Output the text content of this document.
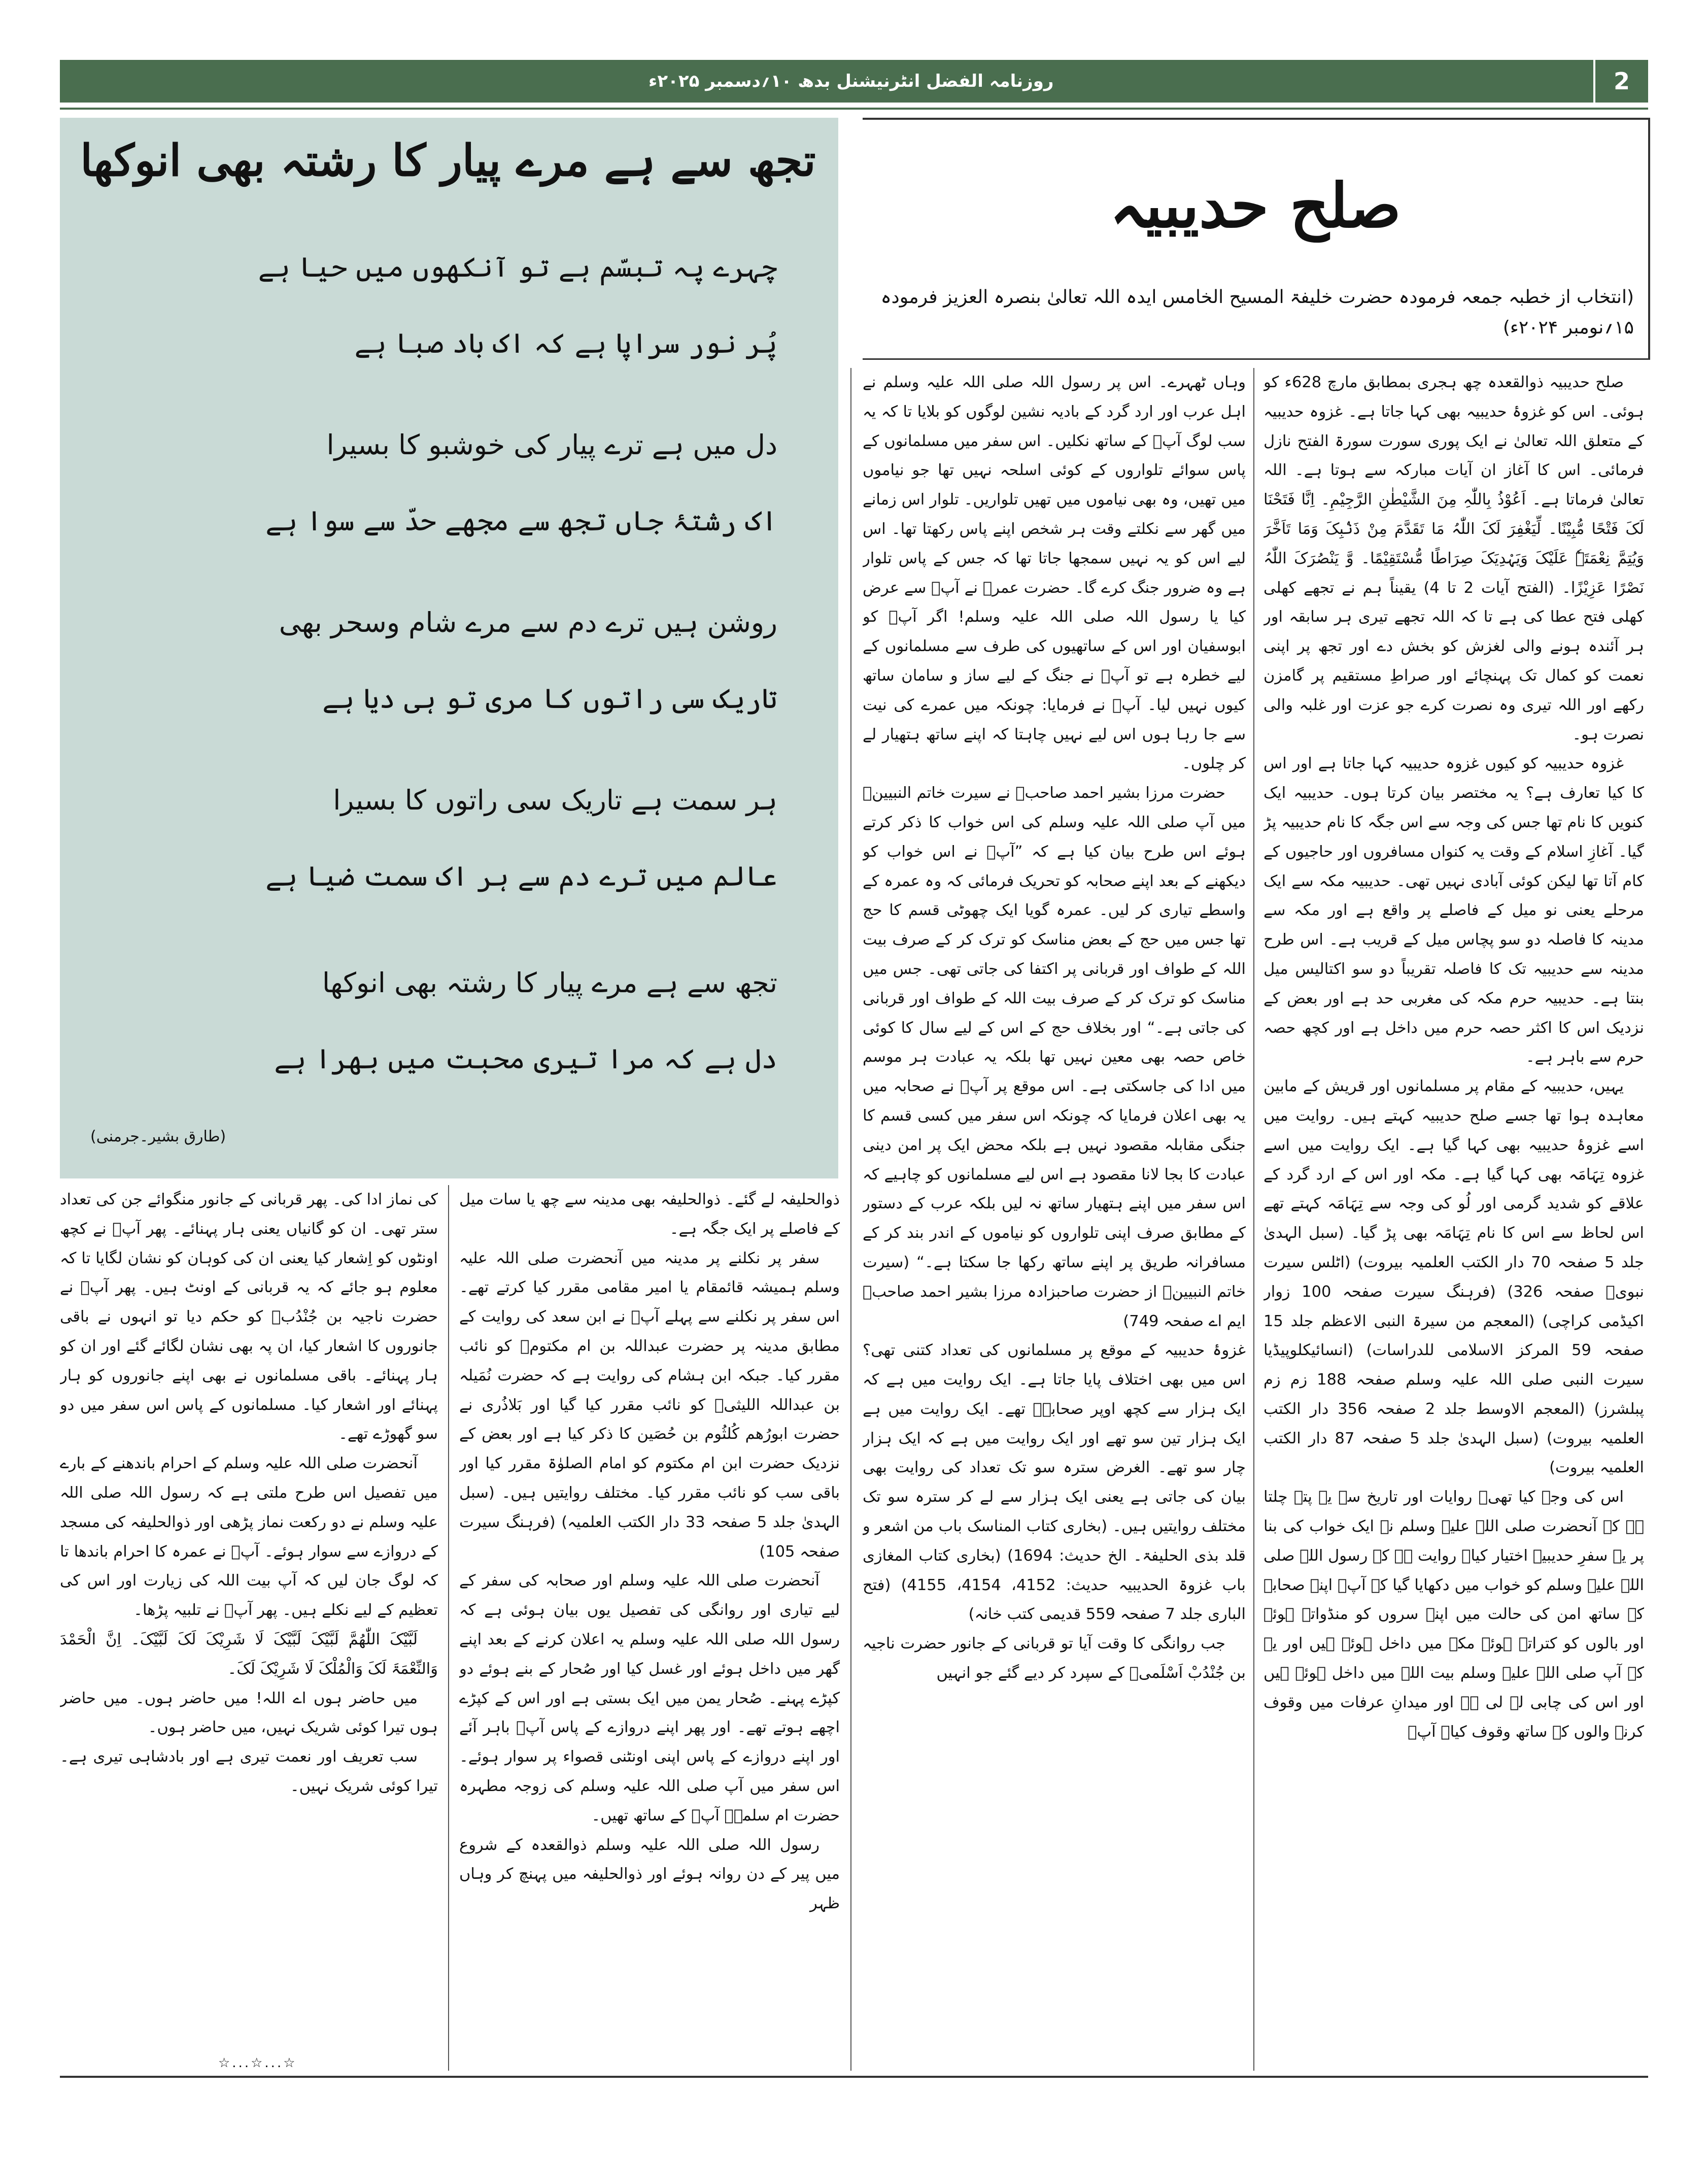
روزنامہ الفضل انٹرنیشنل بدھ ۱۰؍دسمبر ۲۰۲۵ء	2
تجھ سے ہے مرے پیار کا رشتہ بھی انوکھا
چہرے پہ تبسّم ہے تو آنکھوں میں حیا ہے
پُر نور سراپا ہے کہ اک باد صبا ہے
دل میں ہے ترے پیار کی خوشبو کا بسیرا
اک رشتۂ جاں تجھ سے مجھے حدّ سے سوا ہے
روشن ہیں ترے دم سے مرے شام وسحر بھی
تاریک سی راتوں کا مری تو ہی دیا ہے
ہر سمت ہے تاریک سی راتوں کا بسیرا
عالم میں ترے دم سے ہر اک سمت ضیا ہے
تجھ سے ہے مرے پیار کا رشتہ بھی انوکھا
دل ہے کہ مرا تیری محبت میں بھرا ہے
(طارق بشیر۔جرمنی)
صلح حدیبیہ
(انتخاب از خطبہ جمعہ فرمودہ حضرت خلیفۃ المسیح الخامس ایدہ اللہ تعالیٰ بنصرہ العزیز فرمودہ ۱۵؍نومبر ۲۰۲۴ء)

صلح حدیبیہ ذوالقعدہ چھ ہجری بمطابق مارچ 628ء کو ہوئی۔ اس کو غزوۂ حدیبیہ بھی کہا جاتا ہے۔ غزوہ حدیبیہ کے متعلق اللہ تعالیٰ نے ایک پوری سورت سورۃ الفتح نازل فرمائی۔ اس کا آغاز ان آیات مبارکہ سے ہوتا ہے۔ اللہ تعالیٰ فرماتا ہے۔ اَعُوْذُ بِاللّٰہِ مِنَ الشَّیْطٰنِ الرَّجِیْمِ۔ اِنَّا فَتَحْنَا لَکَ فَتْحًا مُّبِیْنًا۔ لِّیَغْفِرَ لَکَ اللّٰہُ مَا تَقَدَّمَ مِنْ ذَنْۢبِکَ وَمَا تَاَخَّرَ وَیُتِمَّ نِعْمَتَہٗ عَلَیْکَ وَیَہْدِیَکَ صِرَاطًا مُّسْتَقِیْمًا۔ وَّ یَنْصُرَکَ اللّٰہُ نَصْرًا عَزِیْزًا۔ (الفتح آیات 2 تا 4) یقیناً ہم نے تجھے کھلی کھلی فتح عطا کی ہے تا کہ اللہ تجھے تیری ہر سابقہ اور ہر آئندہ ہونے والی لغزش کو بخش دے اور تجھ پر اپنی نعمت کو کمال تک پہنچائے اور صراطِ مستقیم پر گامزن رکھے اور اللہ تیری وہ نصرت کرے جو عزت اور غلبہ والی نصرت ہو۔

غزوہ حدیبیہ کو کیوں غزوہ حدیبیہ کہا جاتا ہے اور اس کا کیا تعارف ہے؟ یہ مختصر بیان کرتا ہوں۔ حدیبیہ ایک کنویں کا نام تھا جس کی وجہ سے اس جگہ کا نام حدیبیہ پڑ گیا۔ آغازِ اسلام کے وقت یہ کنواں مسافروں اور حاجیوں کے کام آتا تھا لیکن کوئی آبادی نہیں تھی۔ حدیبیہ مکہ سے ایک مرحلے یعنی نو میل کے فاصلے پر واقع ہے اور مکہ سے مدینہ کا فاصلہ دو سو پچاس میل کے قریب ہے۔ اس طرح مدینہ سے حدیبیہ تک کا فاصلہ تقریباً دو سو اکتالیس میل بنتا ہے۔ حدیبیہ حرم مکہ کی مغربی حد ہے اور بعض کے نزدیک اس کا اکثر حصہ حرم میں داخل ہے اور کچھ حصہ حرم سے باہر ہے۔

یہیں، حدیبیہ کے مقام پر مسلمانوں اور قریش کے مابین معاہدہ ہوا تھا جسے صلح حدیبیہ کہتے ہیں۔ روایت میں اسے غزوۂ حدیبیہ بھی کہا گیا ہے۔ ایک روایت میں اسے غزوہ تِہَامَہ بھی کہا گیا ہے۔ مکہ اور اس کے ارد گرد کے علاقے کو شدید گرمی اور لُو کی وجہ سے تِہَامَہ کہتے تھے اس لحاظ سے اس کا نام تِہَامَہ بھی پڑ گیا۔ (سبل الہدیٰ جلد 5 صفحہ 70 دار الکتب العلمیہ بیروت) (اٹلس سیرت نبویؐ صفحہ 326) (فرہنگ سیرت صفحہ 100 زوار اکیڈمی کراچی) (المعجم من سیرۃ النبی الاعظم جلد 15 صفحہ 59 المرکز الاسلامی للدراسات) (انسائیکلوپیڈیا سیرت النبی صلی اللہ علیہ وسلم صفحہ 188 زم زم پبلشرز) (المعجم الاوسط جلد 2 صفحہ 356 دار الکتب العلمیہ بیروت) (سبل الہدیٰ جلد 5 صفحہ 87 دار الکتب العلمیہ بیروت)

اس کی وجہ کیا تھی۔ روایات اور تاریخ سے یہ پتہ چلتا ہے کہ آنحضرت صلی اللہ علیہ وسلم نے ایک خواب کی بنا پر یہ سفرِ حدیبیہ اختیار کیا۔ روایت ہے کہ رسول اللہ صلی اللہ علیہ وسلم کو خواب میں دکھایا گیا کہ آپؐ اپنے صحابہ کے ساتھ امن کی حالت میں اپنے سروں کو منڈواتے ہوئے اور بالوں کو کتراتے ہوئے مکہ میں داخل ہوئے ہیں اور یہ کہ آپ صلی اللہ علیہ وسلم بیت اللہ میں داخل ہوئے ہیں اور اس کی چابی لے لی ہے اور میدانِ عرفات میں وقوف کرنے والوں کے ساتھ وقوف کیا۔ آپؐ

وہاں ٹھہرے۔ اس پر رسول اللہ صلی اللہ علیہ وسلم نے اہل عرب اور ارد گرد کے بادیہ نشین لوگوں کو بلایا تا کہ یہ سب لوگ آپؐ کے ساتھ نکلیں۔ اس سفر میں مسلمانوں کے پاس سوائے تلواروں کے کوئی اسلحہ نہیں تھا جو نیاموں میں تھیں، وہ بھی نیاموں میں تھیں تلواریں۔ تلوار اس زمانے میں گھر سے نکلتے وقت ہر شخص اپنے پاس رکھتا تھا۔ اس لیے اس کو یہ نہیں سمجھا جاتا تھا کہ جس کے پاس تلوار ہے وہ ضرور جنگ کرے گا۔ حضرت عمرؓ نے آپؐ سے عرض کیا یا رسول اللہ صلی اللہ علیہ وسلم! اگر آپؐ کو ابوسفیان اور اس کے ساتھیوں کی طرف سے مسلمانوں کے لیے خطرہ ہے تو آپؐ نے جنگ کے لیے ساز و سامان ساتھ کیوں نہیں لیا۔ آپؐ نے فرمایا: چونکہ میں عمرے کی نیت سے جا رہا ہوں اس لیے نہیں چاہتا کہ اپنے ساتھ ہتھیار لے کر چلوں۔

حضرت مرزا بشیر احمد صاحبؓ نے سیرت خاتم النبیینؐ میں آپ صلی اللہ علیہ وسلم کی اس خواب کا ذکر کرتے ہوئے اس طرح بیان کیا ہے کہ ”آپؐ نے اس خواب کو دیکھنے کے بعد اپنے صحابہ کو تحریک فرمائی کہ وہ عمرہ کے واسطے تیاری کر لیں۔ عمرہ گویا ایک چھوٹی قسم کا حج تھا جس میں حج کے بعض مناسک کو ترک کر کے صرف بیت اللہ کے طواف اور قربانی پر اکتفا کی جاتی تھی۔ جس میں مناسک کو ترک کر کے صرف بیت اللہ کے طواف اور قربانی کی جاتی ہے۔“ اور بخلاف حج کے اس کے لیے سال کا کوئی خاص حصہ بھی معین نہیں تھا بلکہ یہ عبادت ہر موسم میں ادا کی جاسکتی ہے۔ اس موقع پر آپؐ نے صحابہ میں یہ بھی اعلان فرمایا کہ چونکہ اس سفر میں کسی قسم کا جنگی مقابلہ مقصود نہیں ہے بلکہ محض ایک پر امن دینی عبادت کا بجا لانا مقصود ہے اس لیے مسلمانوں کو چاہیے کہ اس سفر میں اپنے ہتھیار ساتھ نہ لیں بلکہ عرب کے دستور کے مطابق صرف اپنی تلواروں کو نیاموں کے اندر بند کر کے مسافرانہ طریق پر اپنے ساتھ رکھا جا سکتا ہے۔“ (سیرت خاتم النبیینؐ از حضرت صاحبزادہ مرزا بشیر احمد صاحبؓ ایم اے صفحہ 749)

غزوۂ حدیبیہ کے موقع پر مسلمانوں کی تعداد کتنی تھی؟ اس میں بھی اختلاف پایا جاتا ہے۔ ایک روایت میں ہے کہ ایک ہزار سے کچھ اوپر صحابہؓ تھے۔ ایک روایت میں ہے ایک ہزار تین سو تھے اور ایک روایت میں ہے کہ ایک ہزار چار سو تھے۔ الغرض سترہ سو تک تعداد کی روایت بھی بیان کی جاتی ہے یعنی ایک ہزار سے لے کر سترہ سو تک مختلف روایتیں ہیں۔ (بخاری کتاب المناسک باب من اشعر و قلد بذی الحلیفۃ۔ الخ حدیث: 1694) (بخاری کتاب المغازی باب غزوۃ الحدیبیہ حدیث: 4152، 4154، 4155) (فتح الباری جلد 7 صفحہ 559 قدیمی کتب خانہ)

جب روانگی کا وقت آیا تو قربانی کے جانور حضرت ناجیہ بن جُنْدُبْ اَسْلَمیؓ کے سپرد کر دیے گئے جو انہیں

ذوالحلیفہ لے گئے۔ ذوالحلیفہ بھی مدینہ سے چھ یا سات میل کے فاصلے پر ایک جگہ ہے۔

سفر پر نکلنے پر مدینہ میں آنحضرت صلی اللہ علیہ وسلم ہمیشہ قائمقام یا امیر مقامی مقرر کیا کرتے تھے۔ اس سفر پر نکلنے سے پہلے آپؐ نے ابن سعد کی روایت کے مطابق مدینہ پر حضرت عبداللہ بن ام مکتومؓ کو نائب مقرر کیا۔ جبکہ ابن ہشام کی روایت ہے کہ حضرت نُمَیلہ بن عبداللہ اللیثیؓ کو نائب مقرر کیا گیا اور بَلاذُری نے حضرت ابورُھم کُلثُوم بن حُصَین کا ذکر کیا ہے اور بعض کے نزدیک حضرت ابن ام مکتوم کو امام الصلوٰۃ مقرر کیا اور باقی سب کو نائب مقرر کیا۔ مختلف روایتیں ہیں۔ (سبل الہدیٰ جلد 5 صفحہ 33 دار الکتب العلمیہ) (فرہنگ سیرت صفحہ 105)

آنحضرت صلی اللہ علیہ وسلم اور صحابہ کی سفر کے لیے تیاری اور روانگی کی تفصیل یوں بیان ہوئی ہے کہ رسول اللہ صلی اللہ علیہ وسلم یہ اعلان کرنے کے بعد اپنے گھر میں داخل ہوئے اور غسل کیا اور صُحار کے بنے ہوئے دو کپڑے پہنے۔ صُحار یمن میں ایک بستی ہے اور اس کے کپڑے اچھے ہوتے تھے۔ اور پھر اپنے دروازے کے پاس آپؐ باہر آئے اور اپنے دروازے کے پاس اپنی اونٹنی قصواء پر سوار ہوئے۔ اس سفر میں آپ صلی اللہ علیہ وسلم کی زوجہ مطہرہ حضرت ام سلمہؓ آپؐ کے ساتھ تھیں۔

رسول اللہ صلی اللہ علیہ وسلم ذوالقعدہ کے شروع میں پیر کے دن روانہ ہوئے اور ذوالحلیفہ میں پہنچ کر وہاں ظہر

کی نماز ادا کی۔ پھر قربانی کے جانور منگوائے جن کی تعداد ستر تھی۔ ان کو گانیاں یعنی ہار پہنائے۔ پھر آپؐ نے کچھ اونٹوں کو اِشعار کیا یعنی ان کی کوہان کو نشان لگایا تا کہ معلوم ہو جائے کہ یہ قربانی کے اونٹ ہیں۔ پھر آپؐ نے حضرت ناجیہ بن جُنْدُبؓ کو حکم دیا تو انہوں نے باقی جانوروں کا اشعار کیا، ان پہ بھی نشان لگائے گئے اور ان کو ہار پہنائے۔ باقی مسلمانوں نے بھی اپنے جانوروں کو ہار پہنائے اور اشعار کیا۔ مسلمانوں کے پاس اس سفر میں دو سو گھوڑے تھے۔

آنحضرت صلی اللہ علیہ وسلم کے احرام باندھنے کے بارے میں تفصیل اس طرح ملتی ہے کہ رسول اللہ صلی اللہ علیہ وسلم نے دو رکعت نماز پڑھی اور ذوالحلیفہ کی مسجد کے دروازے سے سوار ہوئے۔ آپؐ نے عمرہ کا احرام باندھا تا کہ لوگ جان لیں کہ آپ بیت اللہ کی زیارت اور اس کی تعظیم کے لیے نکلے ہیں۔ پھر آپؐ نے تلبیہ پڑھا۔

لَبَّیْکَ اللّٰھُمَّ لَبَّیْکَ لَبَّیْکَ لَا شَرِیْکَ لَکَ لَبَّیْکَ۔ اِنَّ الْحَمْدَ وَالنِّعْمَۃَ لَکَ وَالْمُلْکَ لَا شَرِیْکَ لَکَ۔

میں حاضر ہوں اے اللہ! میں حاضر ہوں۔ میں حاضر ہوں تیرا کوئی شریک نہیں، میں حاضر ہوں۔

سب تعریف اور نعمت تیری ہے اور بادشاہی تیری ہے۔ تیرا کوئی شریک نہیں۔

☆...☆...☆
